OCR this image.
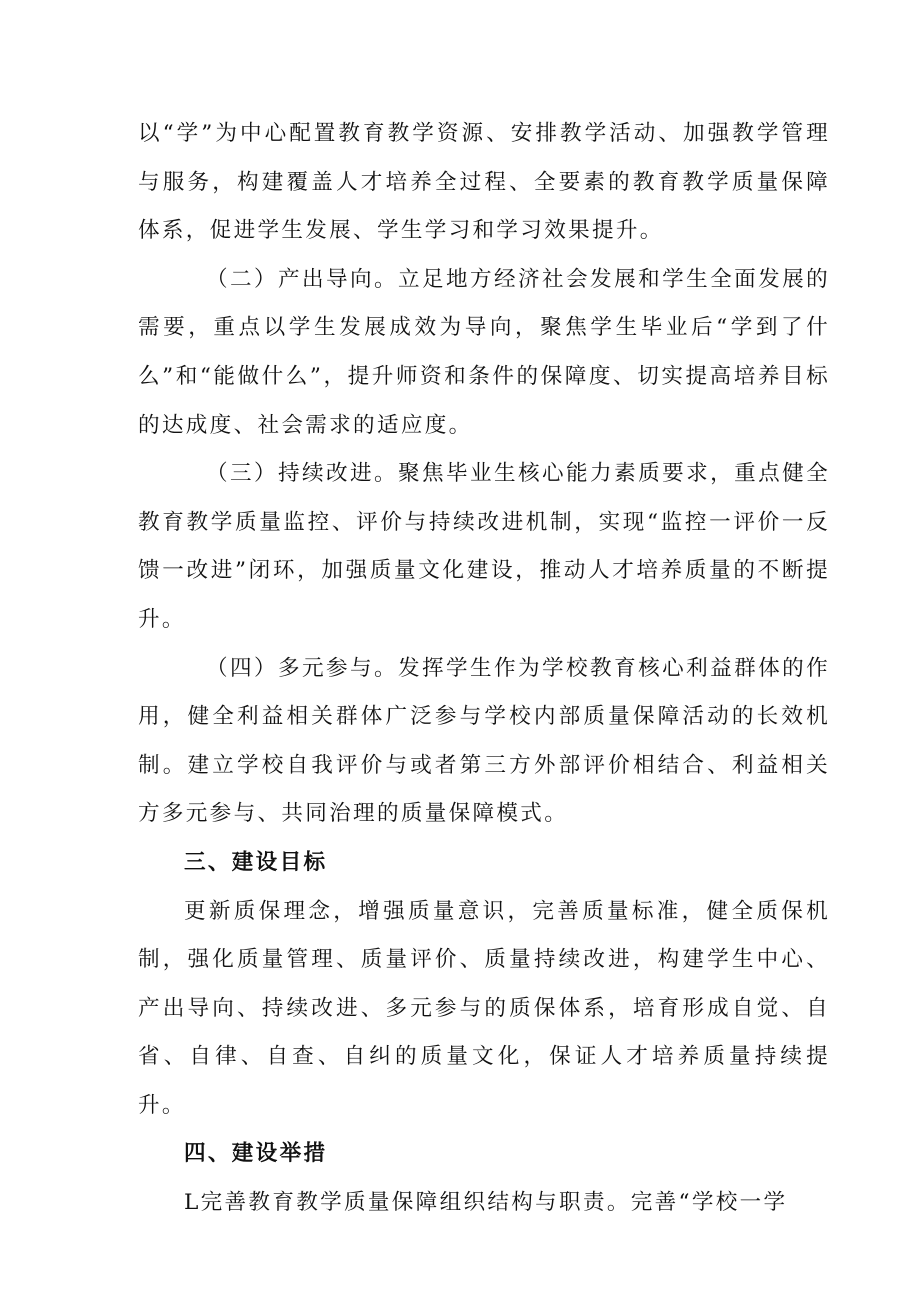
以“学”为中心配置教育教学资源、安排教学活动、加强教学管理与服务，构建覆盖人才培养全过程、全要素的教育教学质量保障体系，促进学生发展、学生学习和学习效果提升。

（二）产出导向。立足地方经济社会发展和学生全面发展的需要，重点以学生发展成效为导向，聚焦学生毕业后“学到了什么”和“能做什么”，提升师资和条件的保障度、切实提高培养目标的达成度、社会需求的适应度。

（三）持续改进。聚焦毕业生核心能力素质要求，重点健全教育教学质量监控、评价与持续改进机制，实现“监控一评价一反馈一改进”闭环，加强质量文化建设，推动人才培养质量的不断提升。

（四）多元参与。发挥学生作为学校教育核心利益群体的作用，健全利益相关群体广泛参与学校内部质量保障活动的长效机制。建立学校自我评价与或者第三方外部评价相结合、利益相关方多元参与、共同治理的质量保障模式。

三、建设目标

更新质保理念，增强质量意识，完善质量标准，健全质保机制，强化质量管理、质量评价、质量持续改进，构建学生中心、产出导向、持续改进、多元参与的质保体系，培育形成自觉、自省、自律、自查、自纠的质量文化，保证人才培养质量持续提升。

四、建设举措

L完善教育教学质量保障组织结构与职责。完善“学校一学
